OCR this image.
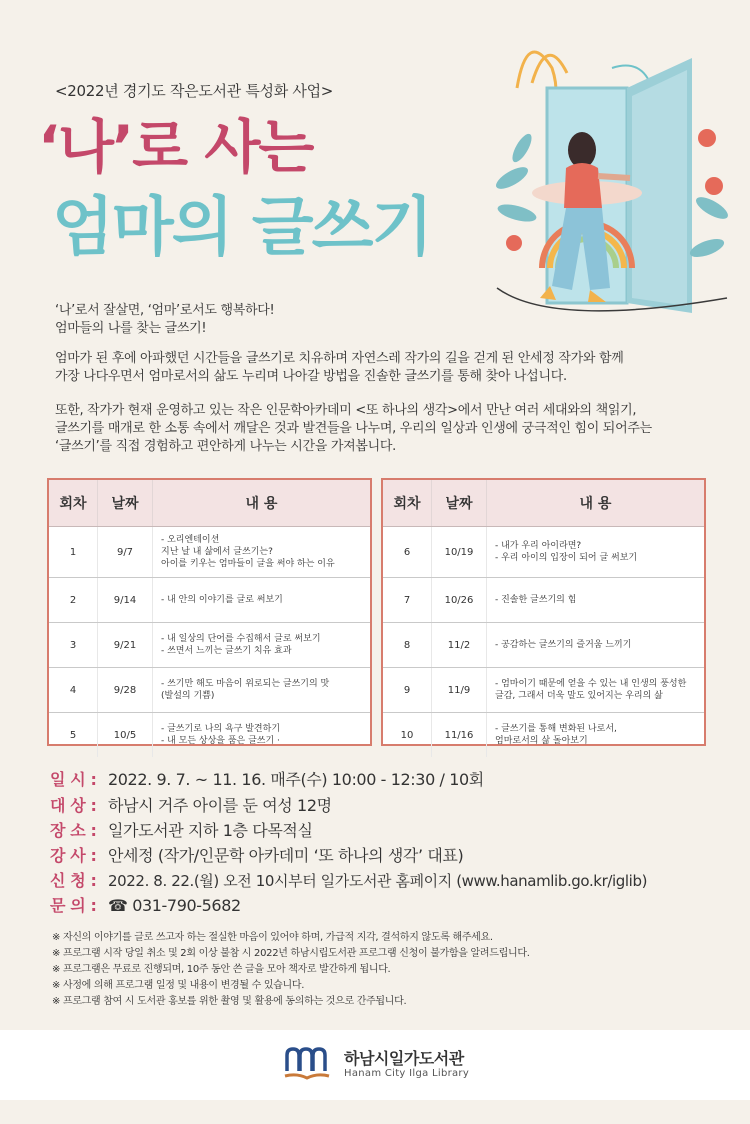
<2022년 경기도 작은도서관 특성화 사업>
‘나’로 사는
엄마의 글쓰기
‘나’로서 잘살면, ‘엄마’로서도 행복하다!
엄마들의 나를 찾는 글쓰기!
엄마가 된 후에 아파했던 시간들을 글쓰기로 치유하며 자연스레 작가의 길을 걷게 된 안세정 작가와 함께
가장 나다우면서 엄마로서의 삶도 누리며 나아갈 방법을 진솔한 글쓰기를 통해 찾아 나섭니다.
또한, 작가가 현재 운영하고 있는 작은 인문학아카데미 <또 하나의 생각>에서 만난 여러 세대와의 책읽기,
글쓰기를 매개로 한 소통 속에서 깨달은 것과 발견들을 나누며, 우리의 일상과 인생에 궁극적인 힘이 되어주는
‘글쓰기’를 직접 경험하고 편안하게 나누는 시간을 가져봅니다.
회차	날짜	내 용
1	9/7
- 오리엔테이션
지난 날 내 삶에서 글쓰기는?
아이를 키우는 엄마들이 글을 써야 하는 이유
2	9/14	- 내 안의 이야기를 글로 써보기
3	9/21
- 내 일상의 단어를 수집해서 글로 써보기
- 쓰면서 느끼는 글쓰기 치유 효과
4	9/28
- 쓰기만 해도 마음이 위로되는 글쓰기의 맛
(발설의 기쁨)
5	10/5
- 글쓰기로 나의 욕구 발견하기
- 내 모든 상상을 품은 글쓰기 ·
회차	날짜	내 용
6	10/19
- 내가 우리 아이라면?
- 우리 아이의 입장이 되어 글 써보기
7	10/26	- 진솔한 글쓰기의 힘
8	11/2	- 공감하는 글쓰기의 즐거움 느끼기
9	11/9
- 엄마이기 때문에 얻을 수 있는 내 인생의 풍성한
글감, 그래서 더욱 말도 있어지는 우리의 삶
10	11/16
- 글쓰기를 통해 변화된 나로서,
엄마로서의 삶 돌아보기
일 시 : 2022. 9. 7. ~ 11. 16. 매주(수) 10:00 - 12:30 / 10회
대 상 : 하남시 거주 아이를 둔 여성 12명
장 소 : 일가도서관 지하 1층 다목적실
강 사 : 안세정 (작가/인문학 아카데미 ‘또 하나의 생각’ 대표)
신 청 : 2022. 8. 22.(월) 오전 10시부터 일가도서관 홈페이지 (www.hanamlib.go.kr/iglib)
문 의 : ☎ 031-790-5682
※ 자신의 이야기를 글로 쓰고자 하는 절실한 마음이 있어야 하며, 가급적 지각, 결석하지 않도록 해주세요.
※ 프로그램 시작 당일 취소 및 2회 이상 불참 시 2022년 하남시립도서관 프로그램 신청이 불가함을 알려드립니다.
※ 프로그램은 무료로 진행되며, 10주 동안 쓴 글을 모아 책자로 발간하게 됩니다.
※ 사정에 의해 프로그램 일정 및 내용이 변경될 수 있습니다.
※ 프로그램 참여 시 도서관 홍보를 위한 촬영 및 활용에 동의하는 것으로 간주됩니다.
하남시일가도서관
Hanam City Ilga Library
